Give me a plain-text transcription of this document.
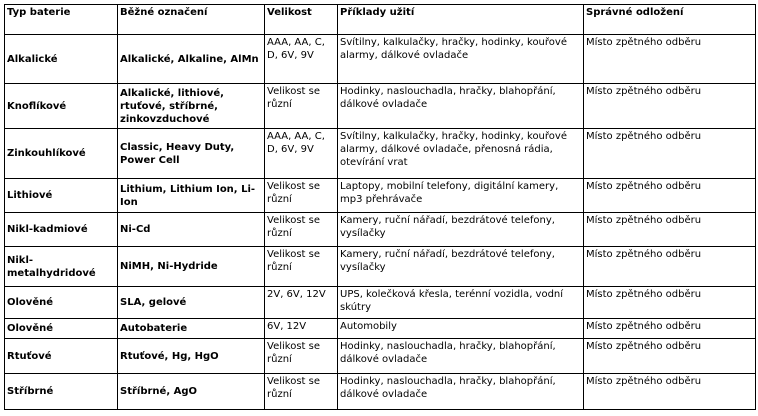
Typ baterie	Běžné označení	Velikost	Příklady užití	Správné odložení
Alkalické	Alkalické, Alkaline, AlMn	AAA, AA, C, D, 6V, 9V	Svítilny, kalkulačky, hračky, hodinky, kouřové alarmy, dálkové ovladače	Místo zpětného odběru
Knoflíkové	Alkalické, lithiové, rtuťové, stříbrné, zinkovzduchové	Velikost se různí	Hodinky, naslouchadla, hračky, blahopřání, dálkové ovladače	Místo zpětného odběru
Zinkouhlíkové	Classic, Heavy Duty, Power Cell	AAA, AA, C, D, 6V, 9V	Svítilny, kalkulačky, hračky, hodinky, kouřové alarmy, dálkové ovladače, přenosná rádia, otevírání vrat	Místo zpětného odběru
Lithiové	Lithium, Lithium Ion, Li-Ion	Velikost se různí	Laptopy, mobilní telefony, digitální kamery, mp3 přehrávače	Místo zpětného odběru
Nikl-kadmiové	Ni-Cd	Velikost se různí	Kamery, ruční nářadí, bezdrátové telefony, vysílačky	Místo zpětného odběru
Nikl-metalhydridové	NiMH, Ni-Hydride	Velikost se různí	Kamery, ruční nářadí, bezdrátové telefony, vysílačky	Místo zpětného odběru
Olověné	SLA, gelové	2V, 6V, 12V	UPS, kolečková křesla, terénní vozidla, vodní skútry	Místo zpětného odběru
Olověné	Autobaterie	6V, 12V	Automobily	Místo zpětného odběru
Rtuťové	Rtuťové, Hg, HgO	Velikost se různí	Hodinky, naslouchadla, hračky, blahopřání, dálkové ovladače	Místo zpětného odběru
Stříbrné	Stříbrné, AgO	Velikost se různí	Hodinky, naslouchadla, hračky, blahopřání, dálkové ovladače	Místo zpětného odběru
